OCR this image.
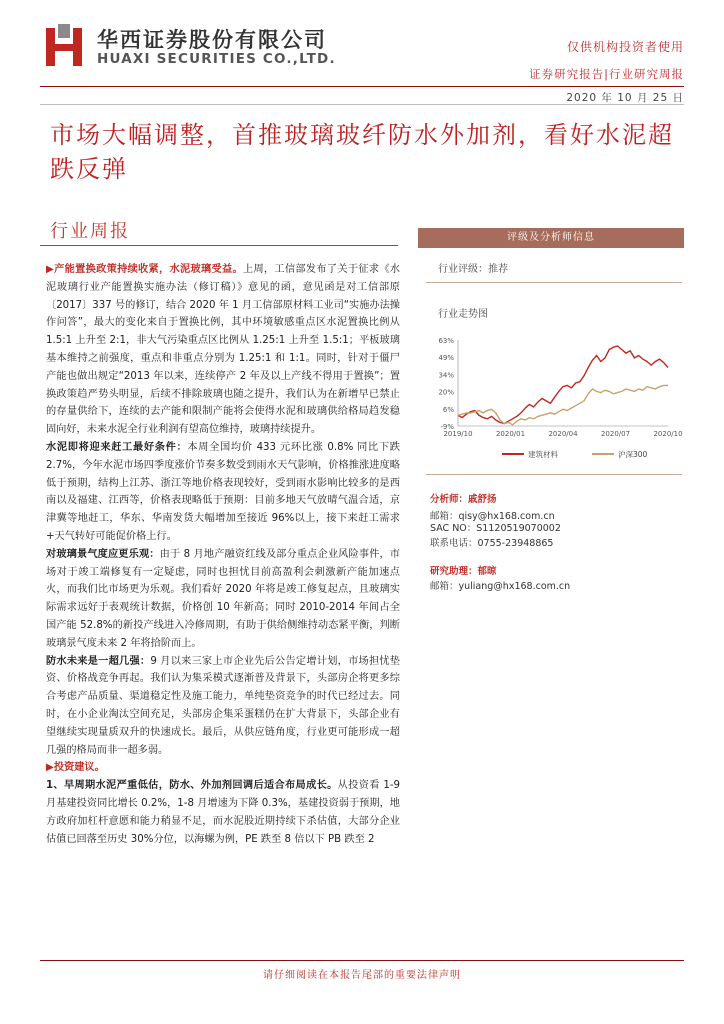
华西证券股份有限公司
HUAXI SECURITIES CO.,LTD.
仅供机构投资者使用
证券研究报告|行业研究周报
2020 年 10 月 25 日
市场大幅调整，首推玻璃玻纤防水外加剂，看好水泥超跌反弹
行业周报

▶产能置换政策持续收紧，水泥玻璃受益。上周，工信部发布了关于征求《水泥玻璃行业产能置换实施办法（修订稿）》意见的函，意见函是对工信部原〔2017〕337 号的修订，结合 2020 年 1 月工信部原材料工业司“实施办法操作问答”，最大的变化来自于置换比例，其中环境敏感重点区水泥置换比例从 1.5:1 上升至 2:1，非大气污染重点区比例从 1.25:1 上升至 1.5:1；平板玻璃基本维持之前强度，重点和非重点分别为 1.25:1 和 1:1。同时，针对于僵尸产能也做出规定“2013 年以来，连续停产 2 年及以上产线不得用于置换”；置换政策趋严势头明显，后续不排除玻璃也随之提升，我们认为在新增早已禁止的存量供给下，连续的去产能和限制产能将会使得水泥和玻璃供给格局趋发稳固向好，未来水泥全行业利润有望高位维持，玻璃持续提升。

水泥即将迎来赶工最好条件：本周全国均价 433 元环比涨 0.8% 同比下跌 2.7%，今年水泥市场四季度涨价节奏多数受到雨水天气影响，价格推涨进度略低于预期，结构上江苏、浙江等地价格表现较好，受到雨水影响比较多的是西南以及福建、江西等，价格表现略低于预期：目前多地天气放晴气温合适，京津冀等地赶工，华东、华南发货大幅增加至接近 96%以上，接下来赶工需求+天气转好可能促价格上行。

对玻璃景气度应更乐观：由于 8 月地产融资红线及部分重点企业风险事件，市场对于竣工端修复有一定疑虑，同时也担忧目前高盈利会刺激新产能加速点火，而我们比市场更为乐观。我们看好 2020 年将是竣工修复起点，且玻璃实际需求远好于表观统计数据，价格创 10 年新高；同时 2010-2014 年间占全国产能 52.8%的新投产线进入冷修周期，有助于供给侧维持动态紧平衡，判断玻璃景气度未来 2 年将拾阶而上。

防水未来是一超几强：9 月以来三家上市企业先后公告定增计划，市场担忧垫资、价格战竞争再起。我们认为集采模式逐渐普及背景下，头部房企将更多综合考虑产品质量、渠道稳定性及施工能力，单纯垫资竞争的时代已经过去。同时，在小企业淘汰空间充足，头部房企集采蛋糕仍在扩大背景下，头部企业有望继续实现量质双升的快速成长。最后，从供应链角度，行业更可能形成一超几强的格局而非一超多弱。

▶投资建议。

1、早周期水泥严重低估，防水、外加剂回调后适合布局成长。从投资看 1-9 月基建投资同比增长 0.2%，1-8 月增速为下降 0.3%，基建投资弱于预期，地方政府加杠杆意愿和能力稍显不足，而水泥股近期持续下杀估值，大部分企业估值已回落至历史 30%分位，以海螺为例，PE 跌至 8 倍以下 PB 跌至 2

评级及分析师信息
行业评级：推荐
行业走势图
63%
49%
34%
20%
6%
-9%
2019/10	2020/01	2020/04	2020/07	2020/10
建筑材料	沪深300
分析师：戚舒扬
邮箱：qisy@hx168.com.cn
SAC NO：S1120519070002
联系电话：0755-23948865
研究助理：郁晾
邮箱：yuliang@hx168.com.cn
请仔细阅读在本报告尾部的重要法律声明
